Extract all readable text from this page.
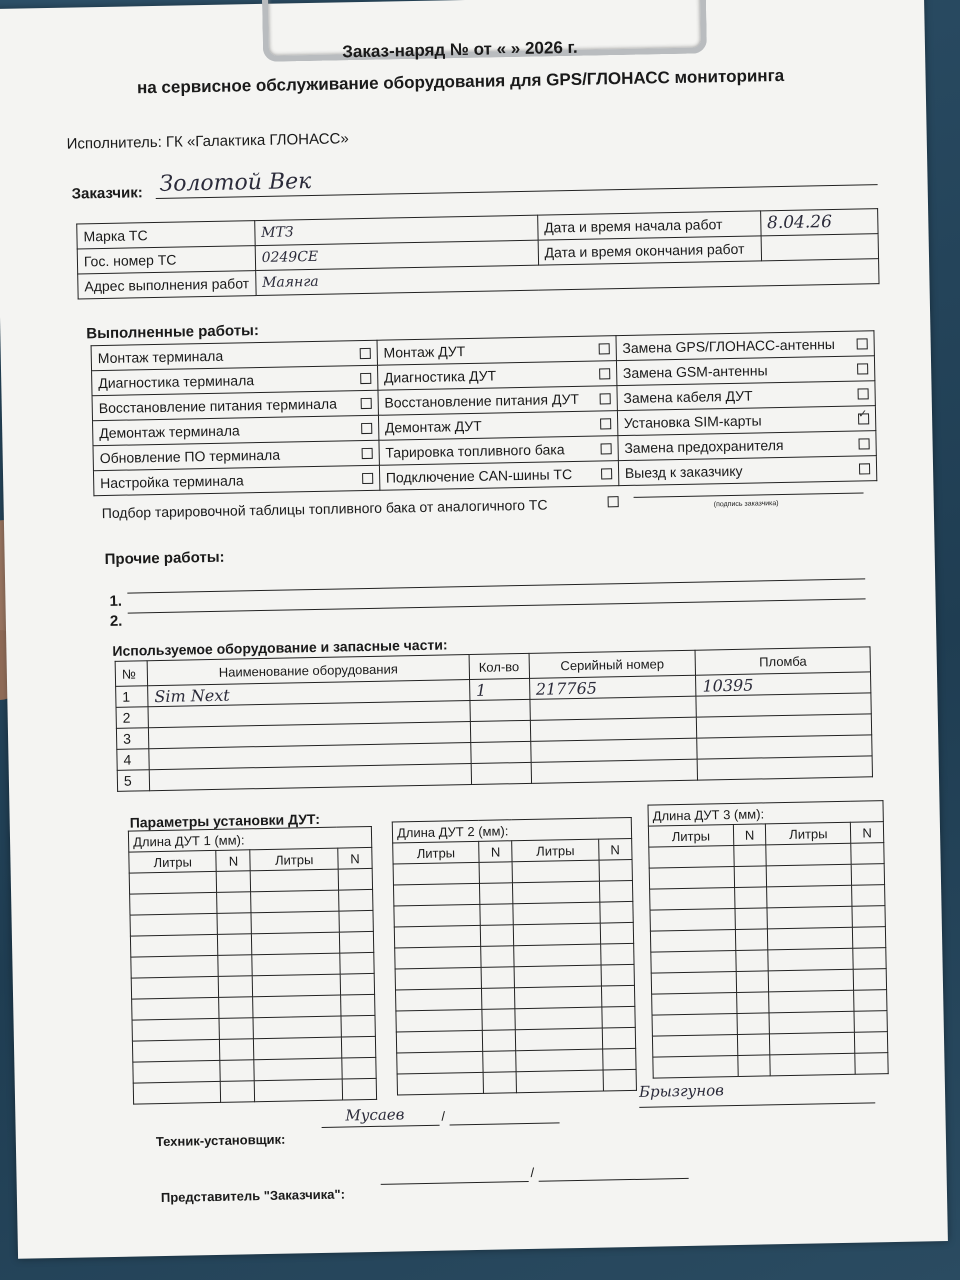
Заказ-наряд № от « » 2026 г.
на сервисное обслуживание оборудования для GPS/ГЛОНАСС мониторинга
Исполнитель: ГК «Галактика ГЛОНАСС»
Заказчик: Золотой Век
Марка ТС	МТЗ	Дата и время начала работ	8.04.26
Гос. номер ТС	0249СЕ	Дата и время окончания работ	
Адрес выполнения работ	Маянга		
Выполненные работы:
Монтаж терминала	Монтаж ДУТ	Замена GPS/ГЛОНАСС-антенны

Диагностика терминала	Диагностика ДУТ	Замена GSM-антенны

Восстановление питания терминала	Восстановление питания ДУТ	Замена кабеля ДУТ

Демонтаж терминала	Демонтаж ДУТ	Установка SIM-карты
✓

Обновление ПО терминала	Тарировка топливного бака	Замена предохранителя

Настройка терминала	Подключение CAN-шины ТС	Выезд к заказчику
Подбор тарировочной таблицы топливного бака от аналогичного ТС	(подпись заказчика)
Прочие работы:
1.
2.
Используемое оборудование и запасные части:
№	Наименование оборудования	Кол-во	Серийный номер	Пломба
1	Sim Next	1	217765	10395
2				
3				
4				
5				
Параметры установки ДУТ:
Длина ДУТ 1 (мм):			
Литры	N	Литры	N

Длина ДУТ 2 (мм):			
Литры	N	Литры	N

Длина ДУТ 3 (мм):			
Литры	N	Литры	N

Техник-установщик:
Мусаев	/
Брызгунов
Представитель "Заказчика":
/
